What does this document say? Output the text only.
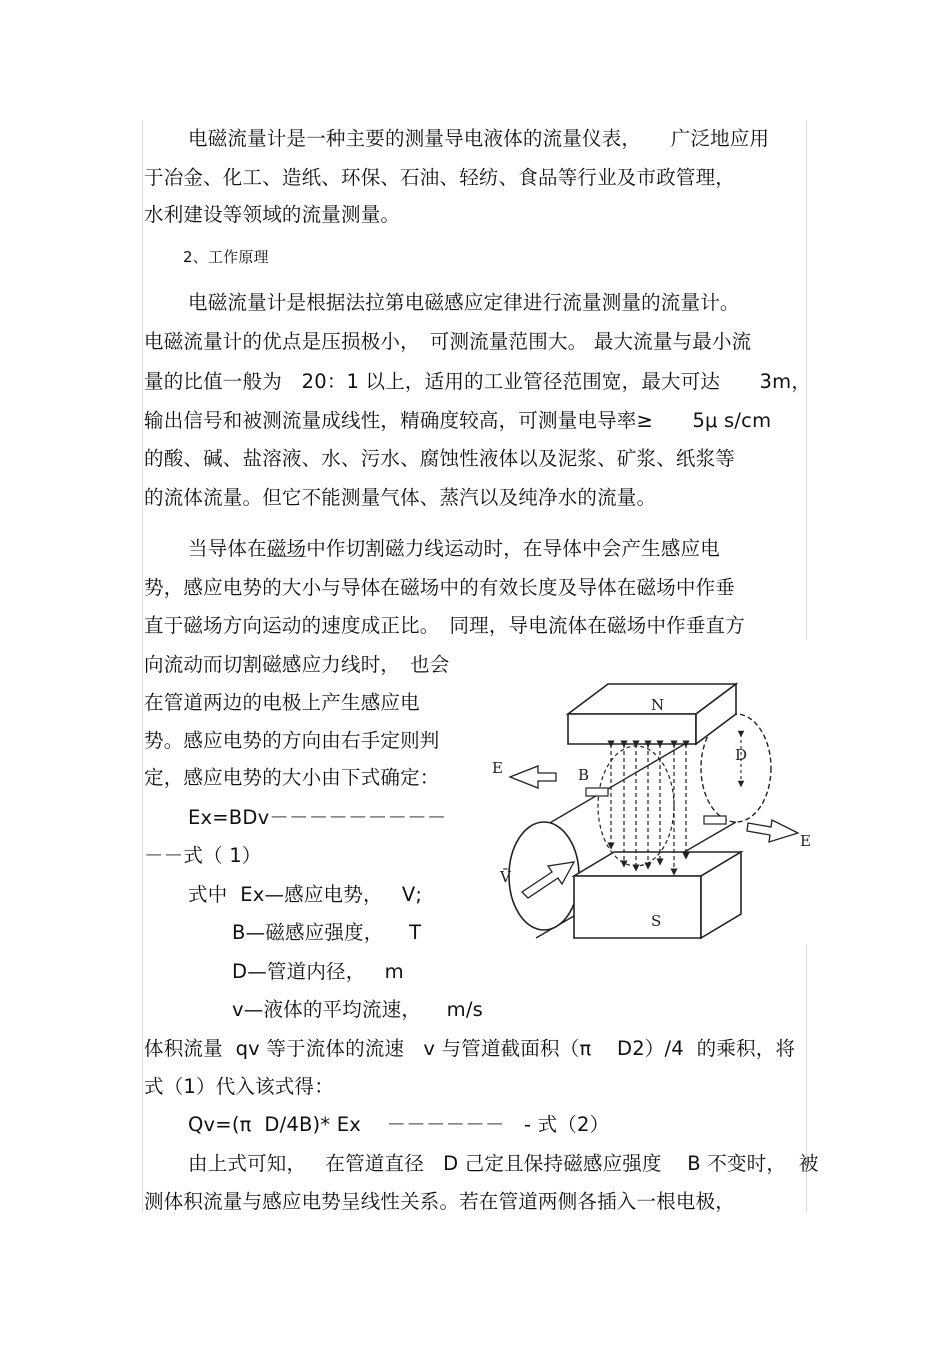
电磁流量计是一种主要的测量导电液体的流量仪表，　　广泛地应用
于冶金、化工、造纸、环保、石油、轻纺、食品等行业及市政管理，
水利建设等领域的流量测量。
2、工作原理
电磁流量计是根据法拉第电磁感应定律进行流量测量的流量计。
电磁流量计的优点是压损极小，　可测流量范围大。 最大流量与最小流
量的比值一般为　20：1 以上，适用的工业管径范围宽，最大可达　　3m，
输出信号和被测流量成线性，精确度较高，可测量电导率≥　　5μ s/cm
的酸、碱、盐溶液、水、污水、腐蚀性液体以及泥浆、矿浆、纸浆等
的流体流量。但它不能测量气体、蒸汽以及纯净水的流量。
当导体在磁场中作切割磁力线运动时，在导体中会产生感应电
势，感应电势的大小与导体在磁场中的有效长度及导体在磁场中作垂
直于磁场方向运动的速度成正比。　同理，导电流体在磁场中作垂直方
向流动而切割磁感应力线时，　也会
在管道两边的电极上产生感应电
势。感应电势的方向由右手定则判
定，感应电势的大小由下式确定：
Ex=BDv－－－－－－－－－
－－式（ 1）
式中  Ex—感应电势，   V;
B—磁感应强度，    T
D—管道内径，   m
v—液体的平均流速，    m/s
体积流量  qv 等于流体的流速   v 与管道截面积（π    D2）/4  的乘积，将
式（1）代入该式得：
Qv=(π  D/4B)* Ex    －－－－－－   - 式（2）
由上式可知，   在管道直径   D 己定且保持磁感应强度    B 不变时，  被
测体积流量与感应电势呈线性关系。若在管道两侧各插入一根电极，
N
S
B
D
E
E
V̄
